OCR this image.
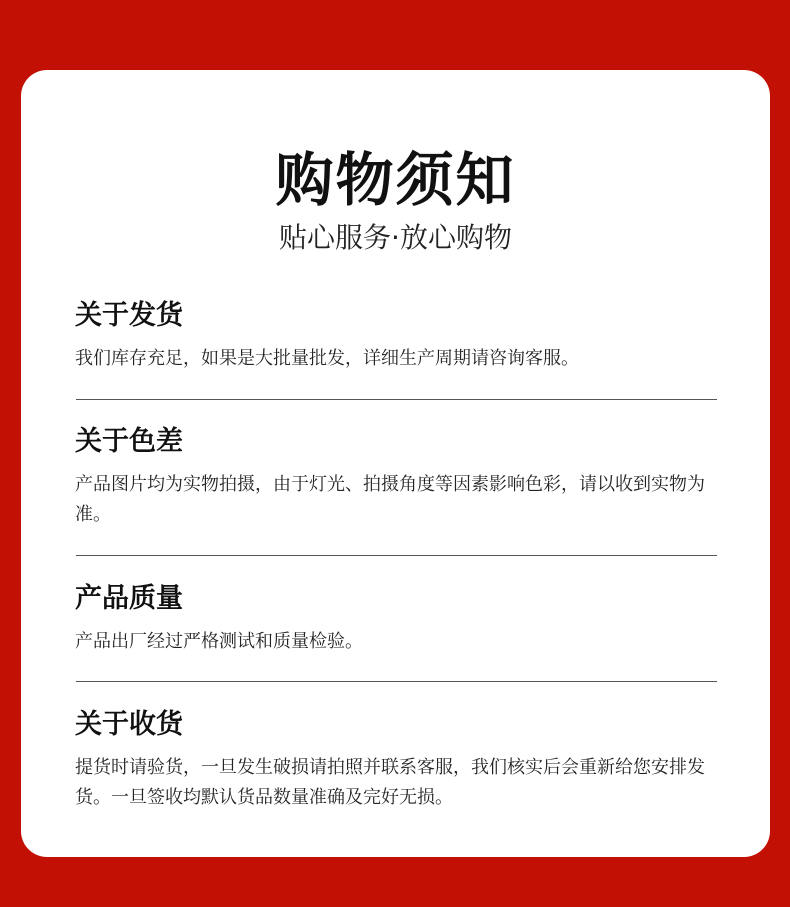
购物须知
贴心服务·放心购物
关于发货
我们库存充足，如果是大批量批发，详细生产周期请咨询客服。
关于色差
产品图片均为实物拍摄，由于灯光、拍摄角度等因素影响色彩，请以收到实物为准。
产品质量
产品出厂经过严格测试和质量检验。
关于收货
提货时请验货，一旦发生破损请拍照并联系客服，我们核实后会重新给您安排发货。一旦签收均默认货品数量准确及完好无损。
